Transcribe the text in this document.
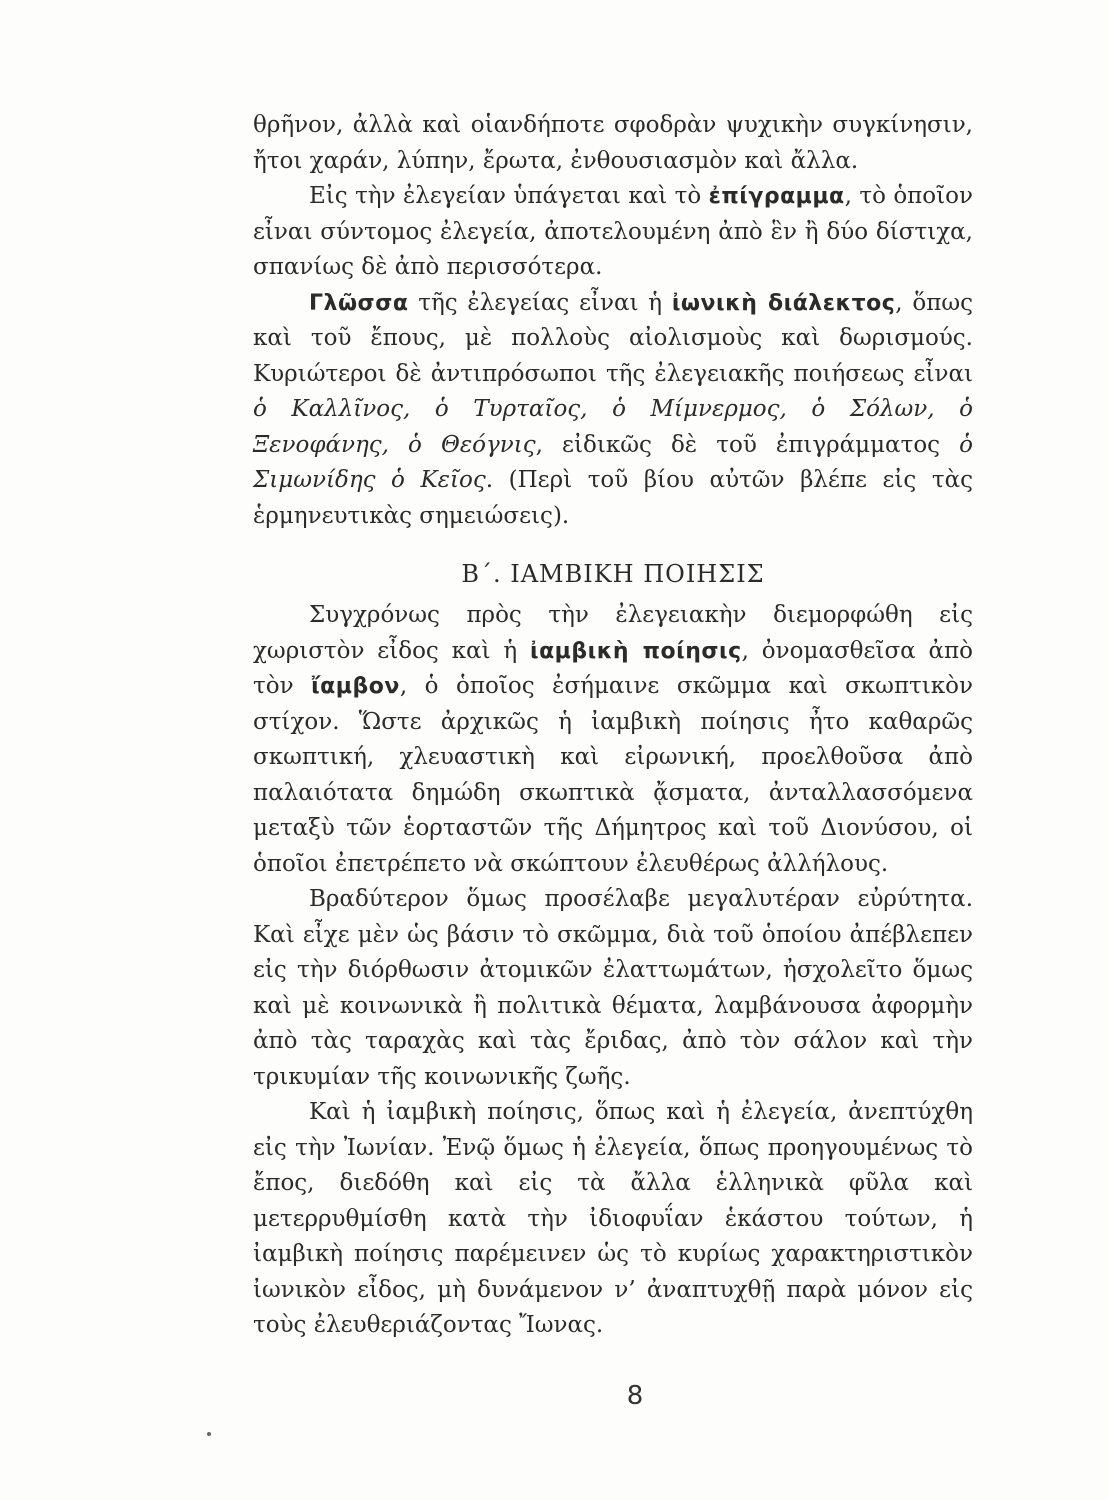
θρῆνον, ἀλλὰ καὶ οἱανδήποτε σφοδρὰν ψυχικὴν συγκίνησιν, ἤτοι χαράν, λύπην, ἔρωτα, ἐνθουσιασμὸν καὶ ἄλλα.

Εἰς τὴν ἐλεγείαν ὑπάγεται καὶ τὸ ἐπίγραμμα, τὸ ὁποῖον εἶναι σύντομος ἐλεγεία, ἀποτελουμένη ἀπὸ ἓν ἢ δύο δίστιχα, σπανίως δὲ ἀπὸ περισσότερα.

Γλῶσσα τῆς ἐλεγείας εἶναι ἡ ἰωνικὴ διάλεκτος, ὅπως καὶ τοῦ ἔπους, μὲ πολλοὺς αἰολισμοὺς καὶ δωρισμούς. Κυριώτεροι δὲ ἀντιπρόσωποι τῆς ἐλεγειακῆς ποιήσεως εἶναι ὁ Καλλῖνος, ὁ Τυρταῖος, ὁ Μίμνερμος, ὁ Σόλων, ὁ Ξενοφάνης, ὁ Θεόγνις, εἰδικῶς δὲ τοῦ ἐπιγράμματος ὁ Σιμωνίδης ὁ Κεῖος. (Περὶ τοῦ βίου αὐτῶν βλέπε εἰς τὰς ἑρμηνευτικὰς σημειώσεις).

Β΄. ΙΑΜΒΙΚΗ ΠΟΙΗΣΙΣ

Συγχρόνως πρὸς τὴν ἐλεγειακὴν διεμορφώθη εἰς χωριστὸν εἶδος καὶ ἡ ἰαμβικὴ ποίησις, ὀνομασθεῖσα ἀπὸ τὸν ἴαμβον, ὁ ὁποῖος ἐσήμαινε σκῶμμα καὶ σκωπτικὸν στίχον. Ὥστε ἀρχικῶς ἡ ἰαμβικὴ ποίησις ἦτο καθαρῶς σκωπτική, χλευαστικὴ καὶ εἰρωνική, προελθοῦσα ἀπὸ παλαιότατα δημώδη σκωπτικὰ ᾄσματα, ἀνταλλασσόμενα μεταξὺ τῶν ἑορταστῶν τῆς Δήμητρος καὶ τοῦ Διονύσου, οἱ ὁποῖοι ἐπετρέπετο νὰ σκώπτουν ἐλευθέρως ἀλλήλους.

Βραδύτερον ὅμως προσέλαβε μεγαλυτέραν εὐρύτητα. Καὶ εἶχε μὲν ὡς βάσιν τὸ σκῶμμα, διὰ τοῦ ὁποίου ἀπέβλεπεν εἰς τὴν διόρθωσιν ἀτομικῶν ἐλαττωμάτων, ἠσχολεῖτο ὅμως καὶ μὲ κοινωνικὰ ἢ πολιτικὰ θέματα, λαμβάνουσα ἀφορμὴν ἀπὸ τὰς ταραχὰς καὶ τὰς ἔριδας, ἀπὸ τὸν σάλον καὶ τὴν τρικυμίαν τῆς κοινωνικῆς ζωῆς.

Καὶ ἡ ἰαμβικὴ ποίησις, ὅπως καὶ ἡ ἐλεγεία, ἀνεπτύχθη εἰς τὴν Ἰωνίαν. Ἐνῷ ὅμως ἡ ἐλεγεία, ὅπως προηγουμένως τὸ ἔπος, διεδόθη καὶ εἰς τὰ ἄλλα ἑλληνικὰ φῦλα καὶ μετερρυθμίσθη κατὰ τὴν ἰδιοφυΐαν ἑκάστου τούτων, ἡ ἰαμβικὴ ποίησις παρέμεινεν ὡς τὸ κυρίως χαρακτηριστικὸν ἰωνικὸν εἶδος, μὴ δυνάμενον ν’ ἀναπτυχθῇ παρὰ μόνον εἰς τοὺς ἐλευθεριάζοντας Ἴωνας.

8
